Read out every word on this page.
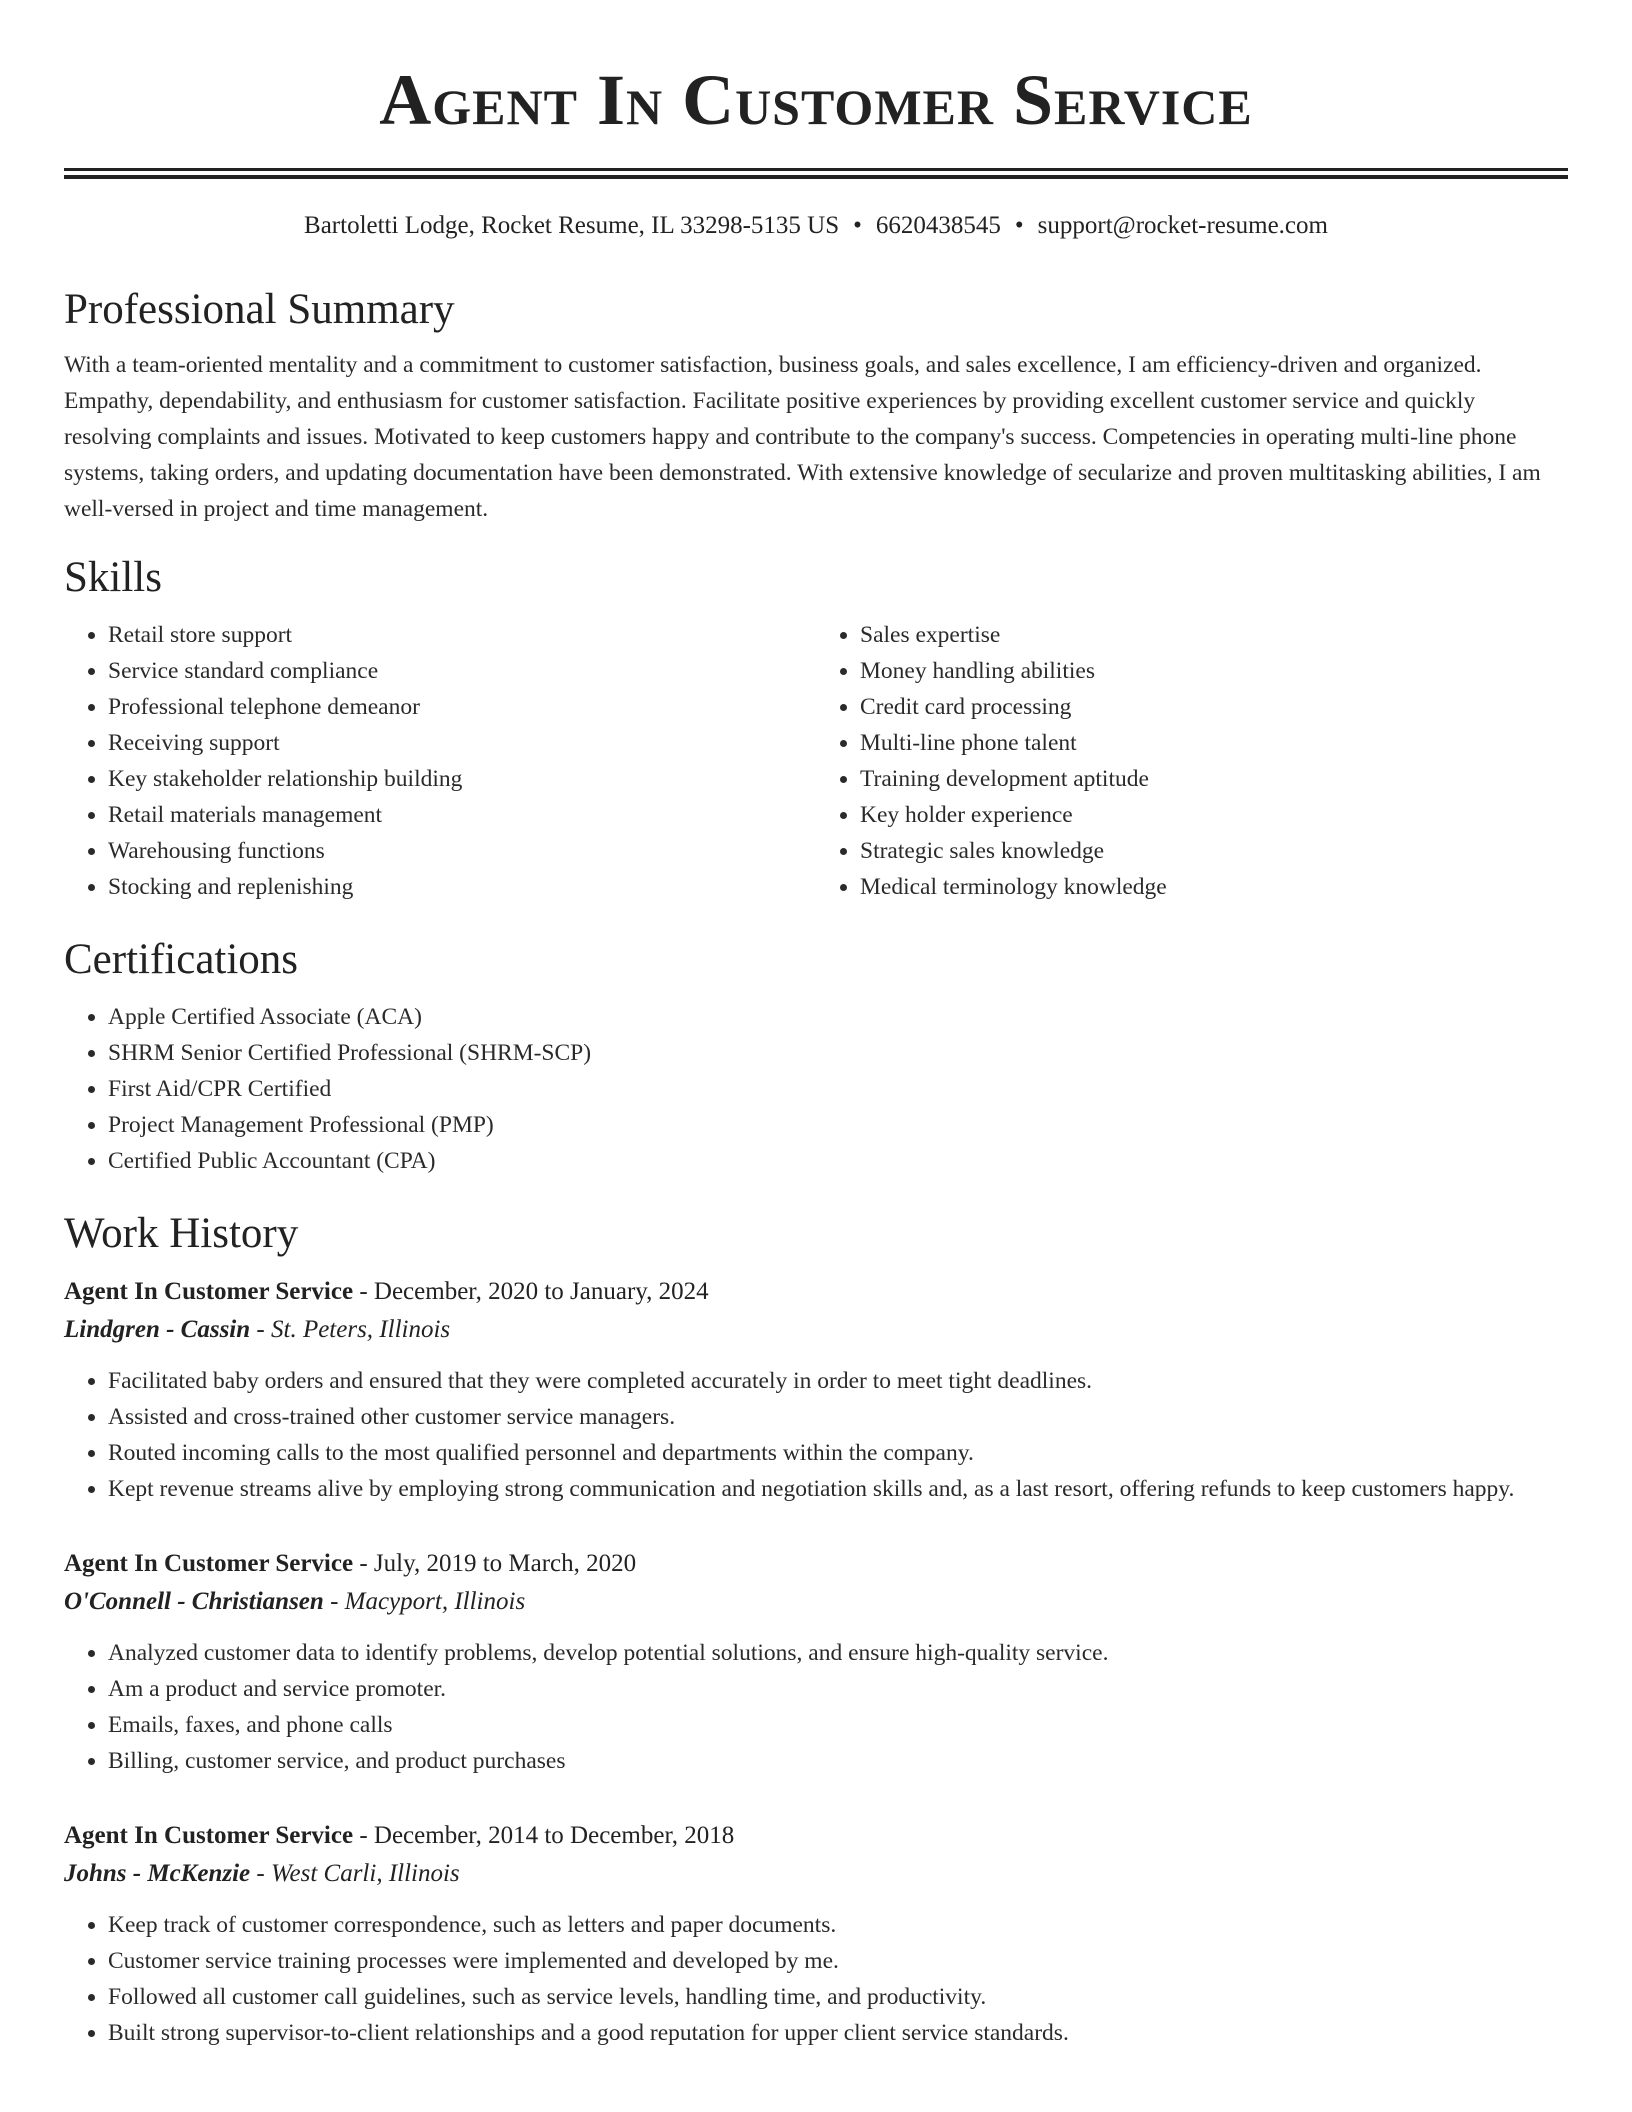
Agent In Customer Service
Bartoletti Lodge, Rocket Resume, IL 33298-5135 US • 6620438545 • support@rocket-resume.com
Professional Summary

With a team-oriented mentality and a commitment to customer satisfaction, business goals, and sales excellence, I am efficiency-driven and organized. Empathy, dependability, and enthusiasm for customer satisfaction. Facilitate positive experiences by providing excellent customer service and quickly resolving complaints and issues. Motivated to keep customers happy and contribute to the company's success. Competencies in operating multi-line phone systems, taking orders, and updating documentation have been demonstrated. With extensive knowledge of secularize and proven multitasking abilities, I am well-versed in project and time management.

Skills
• Retail store support
• Service standard compliance
• Professional telephone demeanor
• Receiving support
• Key stakeholder relationship building
• Retail materials management
• Warehousing functions
• Stocking and replenishing
• Sales expertise
• Money handling abilities
• Credit card processing
• Multi-line phone talent
• Training development aptitude
• Key holder experience
• Strategic sales knowledge
• Medical terminology knowledge
Certifications
• Apple Certified Associate (ACA)
• SHRM Senior Certified Professional (SHRM-SCP)
• First Aid/CPR Certified
• Project Management Professional (PMP)
• Certified Public Accountant (CPA)
Work History
Agent In Customer Service - December, 2020 to January, 2024
Lindgren - Cassin - St. Peters, Illinois
• Facilitated baby orders and ensured that they were completed accurately in order to meet tight deadlines.
• Assisted and cross-trained other customer service managers.
• Routed incoming calls to the most qualified personnel and departments within the company.
• Kept revenue streams alive by employing strong communication and negotiation skills and, as a last resort, offering refunds to keep customers happy.
Agent In Customer Service - July, 2019 to March, 2020
O'Connell - Christiansen - Macyport, Illinois
• Analyzed customer data to identify problems, develop potential solutions, and ensure high-quality service.
• Am a product and service promoter.
• Emails, faxes, and phone calls
• Billing, customer service, and product purchases
Agent In Customer Service - December, 2014 to December, 2018
Johns - McKenzie - West Carli, Illinois
• Keep track of customer correspondence, such as letters and paper documents.
• Customer service training processes were implemented and developed by me.
• Followed all customer call guidelines, such as service levels, handling time, and productivity.
• Built strong supervisor-to-client relationships and a good reputation for upper client service standards.
